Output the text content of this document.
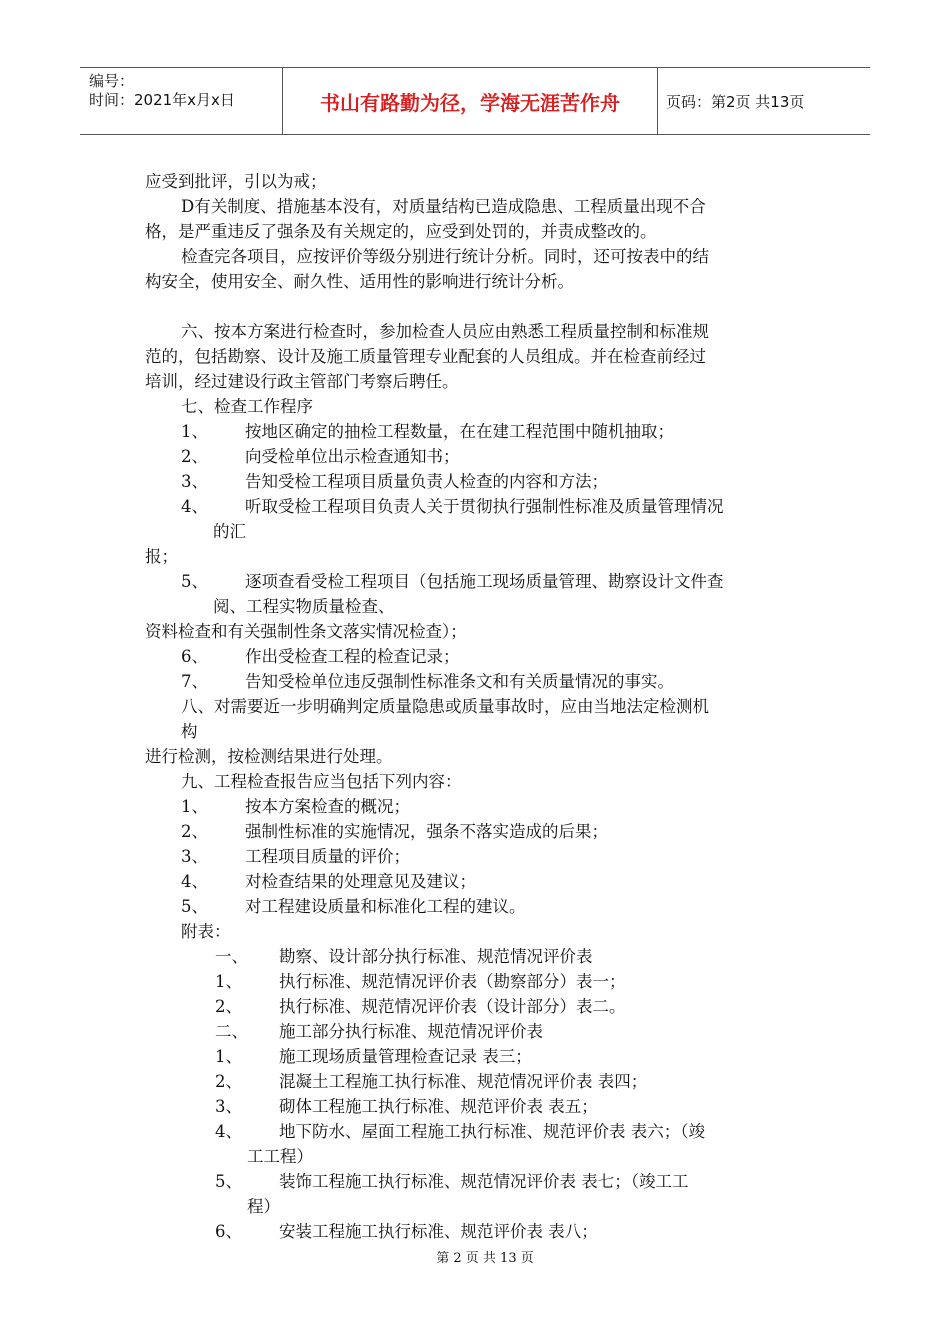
编号：
时间：2021年x月x日	书山有路勤为径，学海无涯苦作舟	页码：第2页 共13页
应受到批评，引以为戒；
D有关制度、措施基本没有，对质量结构已造成隐患、工程质量出现不合
格，是严重违反了强条及有关规定的，应受到处罚的，并责成整改的。
检查完各项目，应按评价等级分别进行统计分析。同时，还可按表中的结
构安全，使用安全、耐久性、适用性的影响进行统计分析。
六、按本方案进行检查时，参加检查人员应由熟悉工程质量控制和标准规
范的，包括勘察、设计及施工质量管理专业配套的人员组成。并在检查前经过
培训，经过建设行政主管部门考察后聘任。
七、检查工作程序
1、 按地区确定的抽检工程数量，在在建工程范围中随机抽取；
2、 向受检单位出示检查通知书；
3、 告知受检工程项目质量负责人检查的内容和方法；
4、 听取受检工程项目负责人关于贯彻执行强制性标准及质量管理情况
的汇
报；
5、 逐项查看受检工程项目（包括施工现场质量管理、勘察设计文件查
阅、工程实物质量检查、
资料检查和有关强制性条文落实情况检查）；
6、 作出受检查工程的检查记录；
7、 告知受检单位违反强制性标准条文和有关质量情况的事实。
八、对需要近一步明确判定质量隐患或质量事故时，应由当地法定检测机
构
进行检测，按检测结果进行处理。
九、工程检查报告应当包括下列内容：
1、 按本方案检查的概况；
2、 强制性标准的实施情况，强条不落实造成的后果；
3、 工程项目质量的评价；
4、 对检查结果的处理意见及建议；
5、 对工程建设质量和标准化工程的建议。
附表：
一、 勘察、设计部分执行标准、规范情况评价表
1、 执行标准、规范情况评价表（勘察部分）表一；
2、 执行标准、规范情况评价表（设计部分）表二。
二、 施工部分执行标准、规范情况评价表
1、 施工现场质量管理检查记录 表三；
2、 混凝土工程施工执行标准、规范情况评价表 表四；
3、 砌体工程施工执行标准、规范评价表 表五；
4、 地下防水、屋面工程施工执行标准、规范评价表 表六；（竣
工工程）
5、 装饰工程施工执行标准、规范情况评价表 表七；（竣工工
程）
6、 安装工程施工执行标准、规范评价表 表八；
第 2 页 共 13 页
